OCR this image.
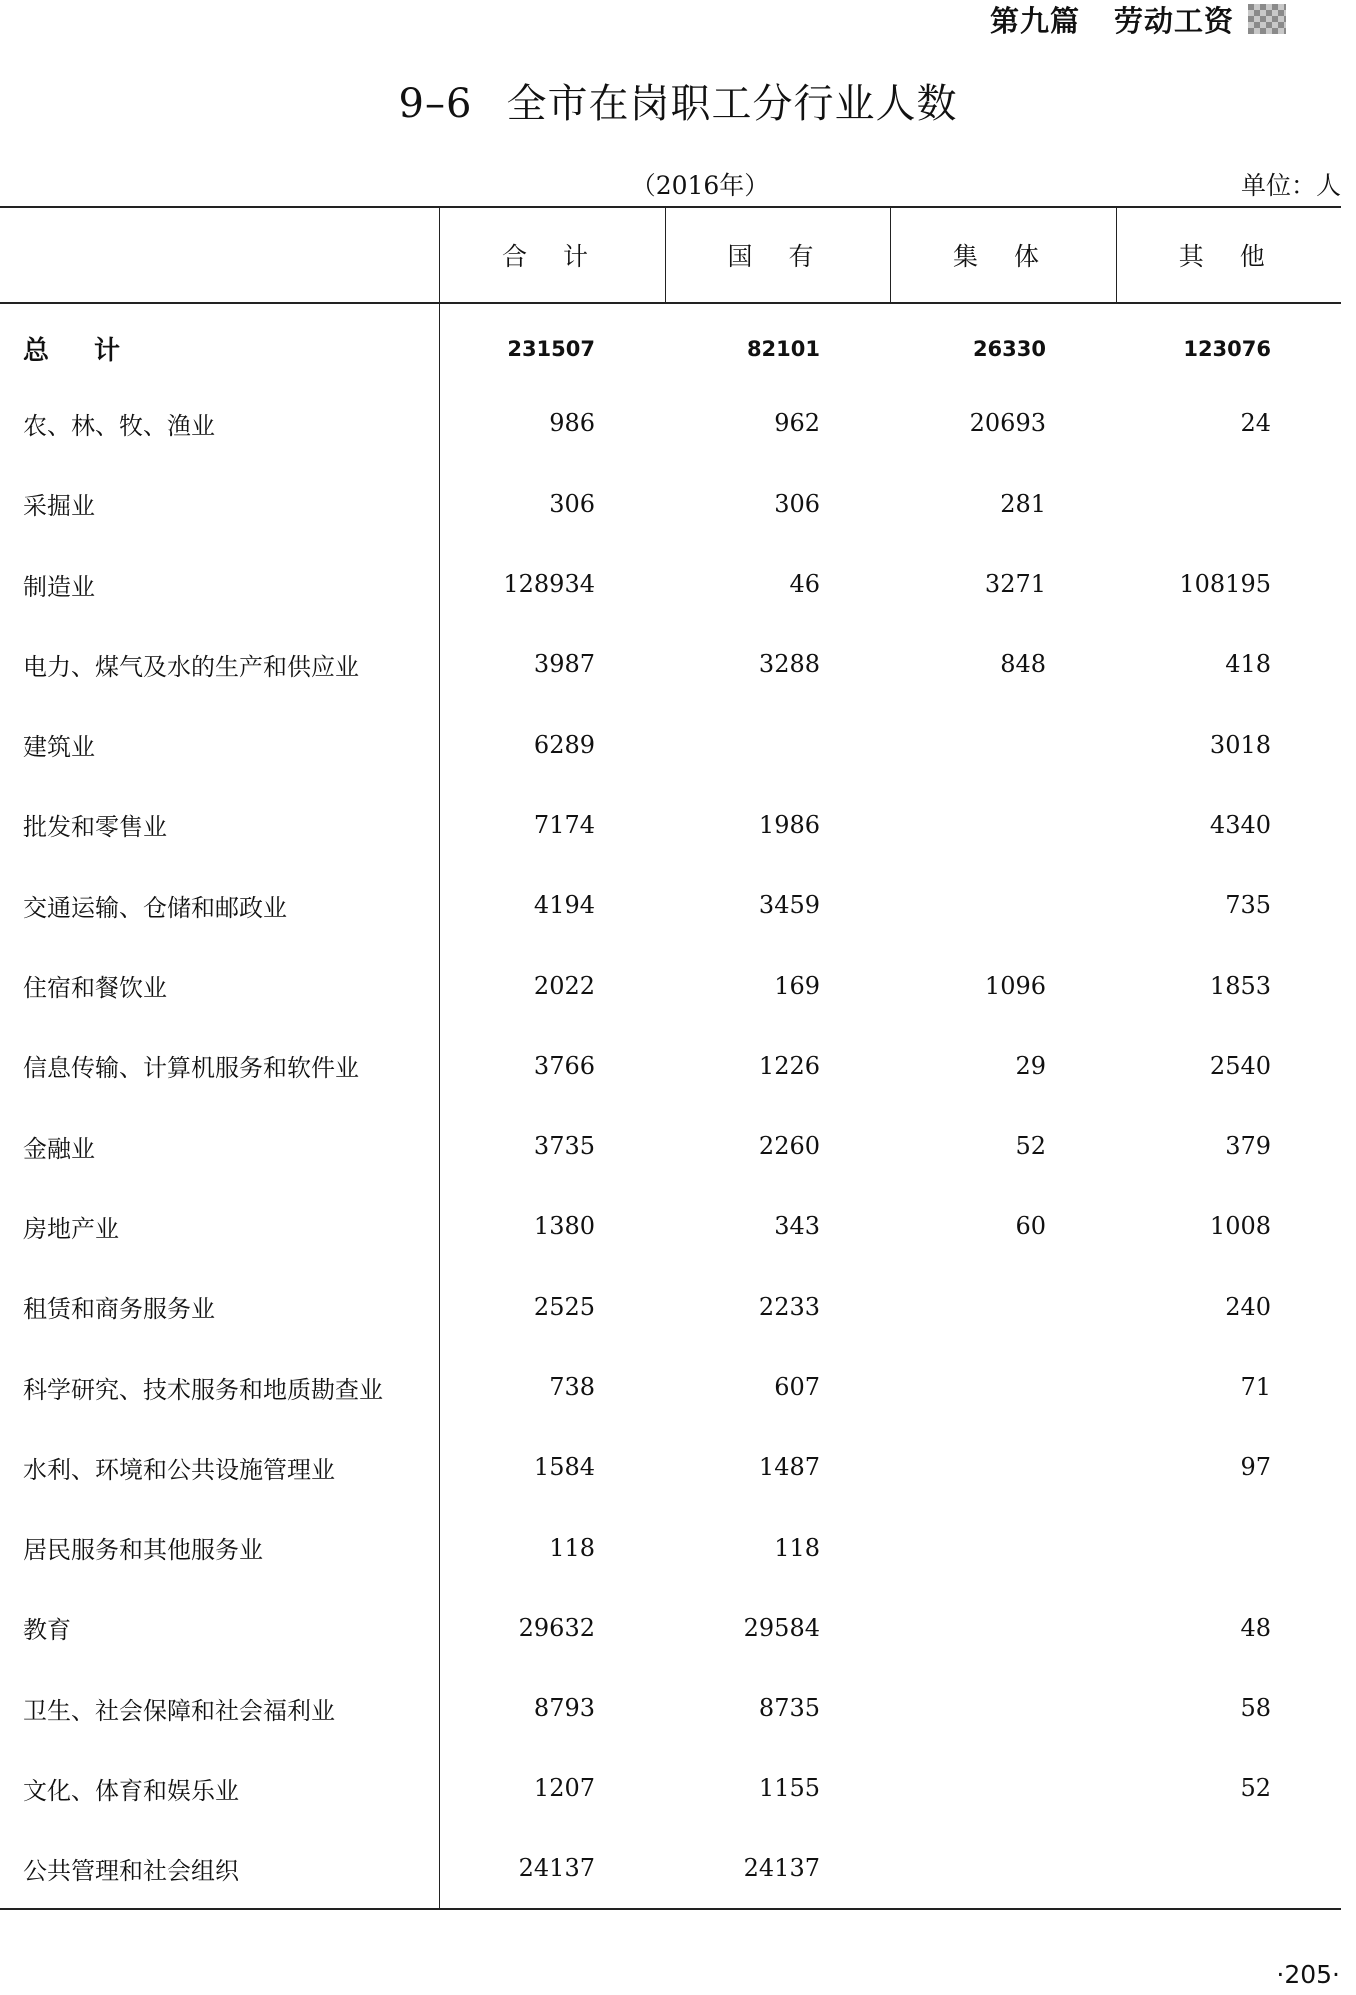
第九篇 劳动工资
9–6 全市在岗职工分行业人数
（2016年）	单位：人
	合 计	国 有	集 体	其 他
总 计	231507	82101	26330	123076
农、林、牧、渔业	986	962	20693	24
采掘业	306	306	281	
制造业	128934	46	3271	108195
电力、煤气及水的生产和供应业	3987	3288	848	418
建筑业	6289			3018
批发和零售业	7174	1986		4340
交通运输、仓储和邮政业	4194	3459		735
住宿和餐饮业	2022	169	1096	1853
信息传输、计算机服务和软件业	3766	1226	29	2540
金融业	3735	2260	52	379
房地产业	1380	343	60	1008
租赁和商务服务业	2525	2233		240
科学研究、技术服务和地质勘查业	738	607		71
水利、环境和公共设施管理业	1584	1487		97
居民服务和其他服务业	118	118		
教育	29632	29584		48
卫生、社会保障和社会福利业	8793	8735		58
文化、体育和娱乐业	1207	1155		52
公共管理和社会组织	24137	24137		
·205·
